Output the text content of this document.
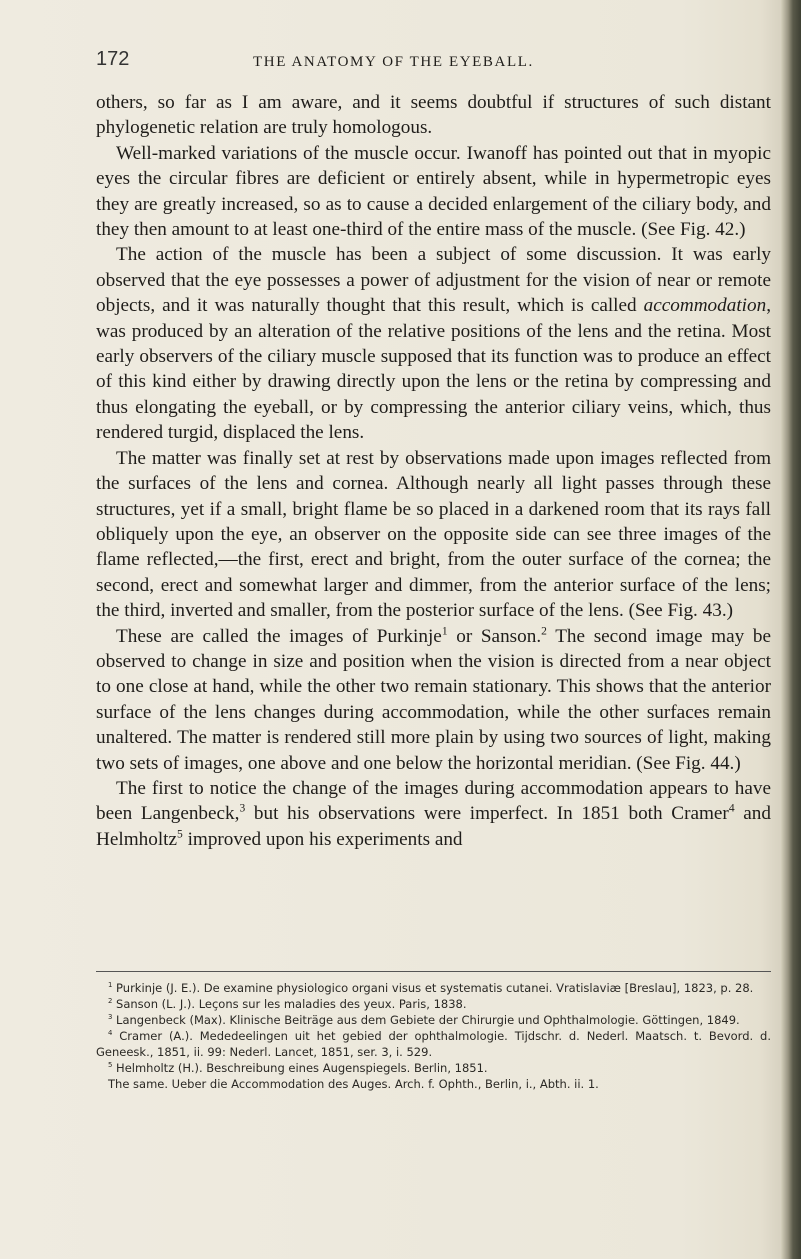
172	THE ANATOMY OF THE EYEBALL.

others, so far as I am aware, and it seems doubtful if structures of such distant phylogenetic relation are truly homologous.

Well-marked variations of the muscle occur. Iwanoff has pointed out that in myopic eyes the circular fibres are deficient or entirely absent, while in hypermetropic eyes they are greatly increased, so as to cause a decided enlargement of the ciliary body, and they then amount to at least one-third of the entire mass of the muscle. (See Fig. 42.)

The action of the muscle has been a subject of some discussion. It was early observed that the eye possesses a power of adjustment for the vision of near or remote objects, and it was naturally thought that this result, which is called accommodation, was produced by an alteration of the relative positions of the lens and the retina. Most early observers of the ciliary muscle supposed that its function was to produce an effect of this kind either by drawing directly upon the lens or the retina by compressing and thus elongating the eyeball, or by compressing the anterior ciliary veins, which, thus rendered turgid, displaced the lens.

The matter was finally set at rest by observations made upon images reflected from the surfaces of the lens and cornea. Although nearly all light passes through these structures, yet if a small, bright flame be so placed in a darkened room that its rays fall obliquely upon the eye, an observer on the opposite side can see three images of the flame reflected,—the first, erect and bright, from the outer surface of the cornea; the second, erect and somewhat larger and dimmer, from the anterior surface of the lens; the third, inverted and smaller, from the posterior surface of the lens. (See Fig. 43.)

These are called the images of Purkinje$^1$ or Sanson.$^2$ The second image may be observed to change in size and position when the vision is directed from a near object to one close at hand, while the other two remain stationary. This shows that the anterior surface of the lens changes during accommodation, while the other surfaces remain unaltered. The matter is rendered still more plain by using two sources of light, making two sets of images, one above and one below the horizontal meridian. (See Fig. 44.)

The first to notice the change of the images during accommodation appears to have been Langenbeck,$^3$ but his observations were imperfect. In 1851 both Cramer$^4$ and Helmholtz$^5$ improved upon his experiments and

$^1$ Purkinje (J. E.). De examine physiologico organi visus et systematis cutanei. Vratislaviæ [Breslau], 1823, p. 28.

$^2$ Sanson (L. J.). Leçons sur les maladies des yeux. Paris, 1838.

$^3$ Langenbeck (Max). Klinische Beiträge aus dem Gebiete der Chirurgie und Ophthalmologie. Göttingen, 1849.

$^4$ Cramer (A.). Mededeelingen uit het gebied der ophthalmologie. Tijdschr. d. Nederl. Maatsch. t. Bevord. d. Geneesk., 1851, ii. 99: Nederl. Lancet, 1851, ser. 3, i. 529.

$^5$ Helmholtz (H.). Beschreibung eines Augenspiegels. Berlin, 1851.

The same. Ueber die Accommodation des Auges. Arch. f. Ophth., Berlin, i., Abth. ii. 1.
